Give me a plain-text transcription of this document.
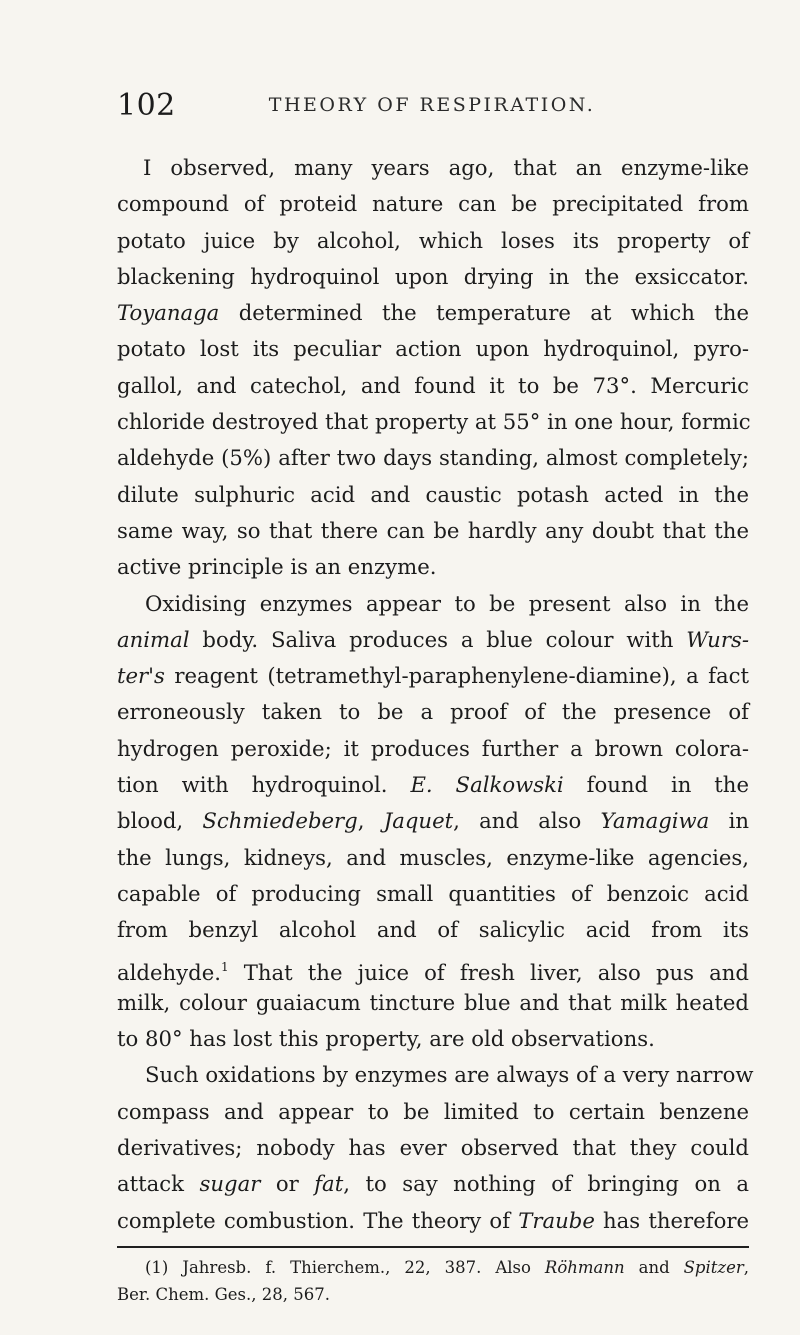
102	THEORY OF RESPIRATION.
I observed, many years ago, that an enzyme-like
compound of proteid nature can be precipitated from
potato juice by alcohol, which loses its property of
blackening hydroquinol upon drying in the exsiccator.
Toyanaga determined the temperature at which the
potato lost its peculiar action upon hydroquinol, pyro-
gallol, and catechol, and found it to be 73°. Mercuric
chloride destroyed that property at 55° in one hour, formic
aldehyde (5%) after two days standing, almost completely;
dilute sulphuric acid and caustic potash acted in the
same way, so that there can be hardly any doubt that the
active principle is an enzyme.
Oxidising enzymes appear to be present also in the
animal body. Saliva produces a blue colour with Wurs-
ter's reagent (tetramethyl-paraphenylene-diamine), a fact
erroneously taken to be a proof of the presence of
hydrogen peroxide; it produces further a brown colora-
tion with hydroquinol. E. Salkowski found in the
blood, Schmiedeberg, Jaquet, and also Yamagiwa in
the lungs, kidneys, and muscles, enzyme-like agencies,
capable of producing small quantities of benzoic acid
from benzyl alcohol and of salicylic acid from its
aldehyde.$^1$ That the juice of fresh liver, also pus and
milk, colour guaiacum tincture blue and that milk heated
to 80° has lost this property, are old observations.
Such oxidations by enzymes are always of a very narrow
compass and appear to be limited to certain benzene
derivatives; nobody has ever observed that they could
attack sugar or fat, to say nothing of bringing on a
complete combustion. The theory of Traube has therefore
(1) Jahresb. f. Thierchem., 22, 387. Also Röhmann and Spitzer,
Ber. Chem. Ges., 28, 567.
